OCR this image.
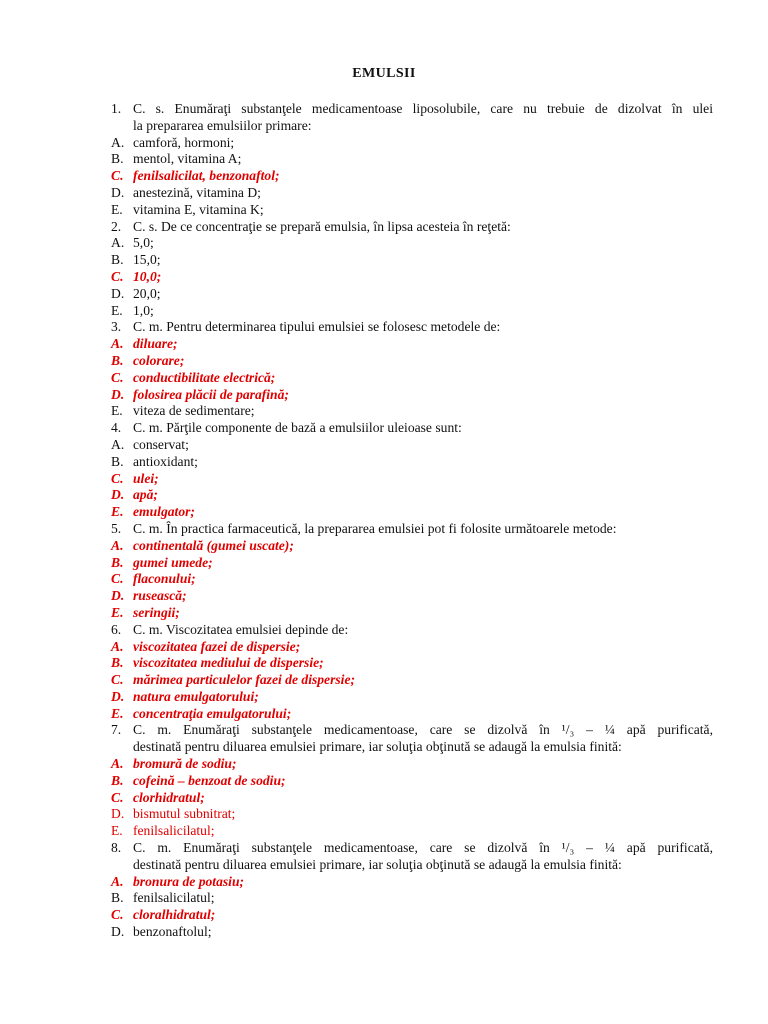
EMULSII
1. C. s. Enumăraţi substanţele medicamentoase liposolubile, care nu trebuie de dizolvat în ulei
la prepararea emulsiilor primare:
A. camforă, hormoni;
B. mentol, vitamina A;
C. fenilsalicilat, benzonaftol;
D. anestezină, vitamina D;
E. vitamina E, vitamina K;
2. C. s. De ce concentraţie se prepară emulsia, în lipsa acesteia în reţetă:
A. 5,0;
B. 15,0;
C. 10,0;
D. 20,0;
E. 1,0;
3. C. m. Pentru determinarea tipului emulsiei se folosesc metodele de:
A. diluare;
B. colorare;
C. conductibilitate electrică;
D. folosirea plăcii de parafină;
E. viteza de sedimentare;
4. C. m. Părţile componente de bază a emulsiilor uleioase sunt:
A. conservat;
B. antioxidant;
C. ulei;
D. apă;
E. emulgator;
5. C. m. În practica farmaceutică, la prepararea emulsiei pot fi folosite următoarele metode:
A. continentală (gumei uscate);
B. gumei umede;
C. flaconului;
D. rusească;
E. seringii;
6. C. m. Viscozitatea emulsiei depinde de:
A. viscozitatea fazei de dispersie;
B. viscozitatea mediului de dispersie;
C. mărimea particulelor fazei de dispersie;
D. natura emulgatorului;
E. concentraţia emulgatorului;
7. C. m. Enumăraţi substanţele medicamentoase, care se dizolvă în ¹/₃ – ¼ apă purificată,
destinată pentru diluarea emulsiei primare, iar soluţia obţinută se adaugă la emulsia finită:
A. bromură de sodiu;
B. cofeină – benzoat de sodiu;
C. clorhidratul;
D. bismutul subnitrat;
E. fenilsalicilatul;
8. C. m. Enumăraţi substanţele medicamentoase, care se dizolvă în ¹/₃ – ¼ apă purificată,
destinată pentru diluarea emulsiei primare, iar soluţia obţinută se adaugă la emulsia finită:
A. bronura de potasiu;
B. fenilsalicilatul;
C. cloralhidratul;
D. benzonaftolul;
